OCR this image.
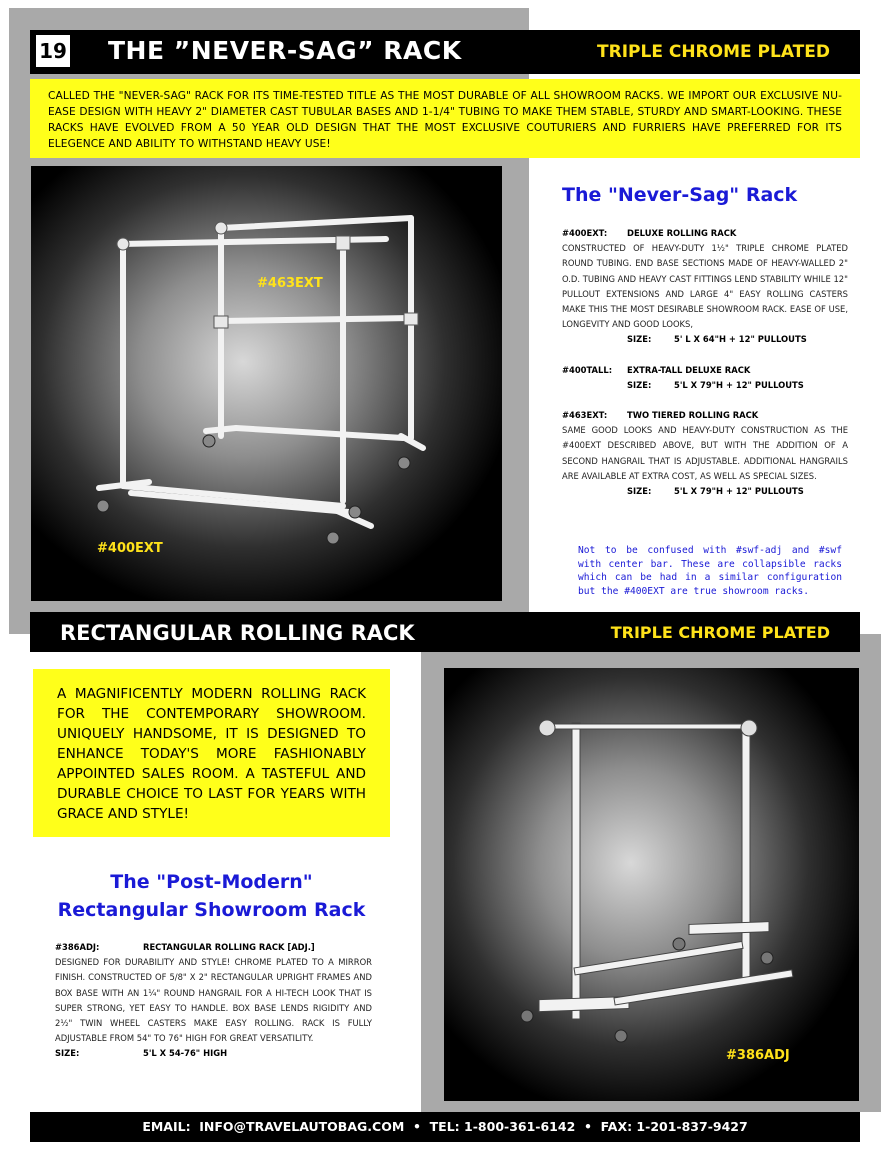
19 THE ”NEVER-SAG” RACK	TRIPLE CHROME PLATED
CALLED THE "NEVER-SAG" RACK FOR ITS TIME-TESTED TITLE AS THE MOST DURABLE OF ALL SHOWROOM RACKS. WE IMPORT OUR EXCLUSIVE NU-EASE DESIGN WITH HEAVY 2" DIAMETER CAST TUBULAR BASES AND 1-1/4" TUBING TO MAKE THEM STABLE, STURDY AND SMART-LOOKING. THESE RACKS HAVE EVOLVED FROM A 50 YEAR OLD DESIGN THAT THE MOST EXCLUSIVE COUTURIERS AND FURRIERS HAVE PREFERRED FOR ITS ELEGENCE AND ABILITY TO WITHSTAND HEAVY USE!
#463EXT
#400EXT
The "Never-Sag" Rack
#400EXT:	DELUXE ROLLING RACK
CONSTRUCTED OF HEAVY-DUTY 1½" TRIPLE CHROME PLATED ROUND TUBING. END BASE SECTIONS MADE OF HEAVY-WALLED 2" O.D. TUBING AND HEAVY CAST FITTINGS LEND STABILITY WHILE 12" PULLOUT EXTENSIONS AND LARGE 4" EASY ROLLING CASTERS MAKE THIS THE MOST DESIRABLE SHOWROOM RACK. EASE OF USE, LONGEVITY AND GOOD LOOKS,
SIZE:	5' L X 64"H + 12" PULLOUTS
#400TALL:	EXTRA-TALL DELUXE RACK
SIZE:	5'L X 79"H + 12" PULLOUTS
#463EXT:	TWO TIERED ROLLING RACK
SAME GOOD LOOKS AND HEAVY-DUTY CONSTRUCTION AS THE #400EXT DESCRIBED ABOVE, BUT WITH THE ADDITION OF A SECOND HANGRAIL THAT IS ADJUSTABLE. ADDITIONAL HANGRAILS ARE AVAILABLE AT EXTRA COST, AS WELL AS SPECIAL SIZES.
SIZE:	5'L X 79"H + 12" PULLOUTS
Not to be confused with #swf-adj and #swf with center bar. These are collapsible racks which can be had in a similar configuration but the #400EXT are true showroom racks.
RECTANGULAR ROLLING RACK	TRIPLE CHROME PLATED
A MAGNIFICENTLY MODERN ROLLING RACK FOR THE CONTEMPORARY SHOWROOM. UNIQUELY HANDSOME, IT IS DESIGNED TO ENHANCE TODAY'S MORE FASHIONABLY APPOINTED SALES ROOM. A TASTEFUL AND DURABLE CHOICE TO LAST FOR YEARS WITH GRACE AND STYLE!
The "Post-Modern"
Rectangular Showroom Rack
#386ADJ:	RECTANGULAR ROLLING RACK [ADJ.]
DESIGNED FOR DURABILITY AND STYLE! CHROME PLATED TO A MIRROR FINISH. CONSTRUCTED OF 5/8" X 2" RECTANGULAR UPRIGHT FRAMES AND BOX BASE WITH AN 1¼" ROUND HANGRAIL FOR A HI-TECH LOOK THAT IS SUPER STRONG, YET EASY TO HANDLE. BOX BASE LENDS RIGIDITY AND 2½" TWIN WHEEL CASTERS MAKE EASY ROLLING. RACK IS FULLY ADJUSTABLE FROM 54" TO 76" HIGH FOR GREAT VERSATILITY.
SIZE:	5'L X 54-76" HIGH	#386ADJ
EMAIL:  INFO@TRAVELAUTOBAG.COM  •  TEL: 1-800-361-6142  •  FAX: 1-201-837-9427
